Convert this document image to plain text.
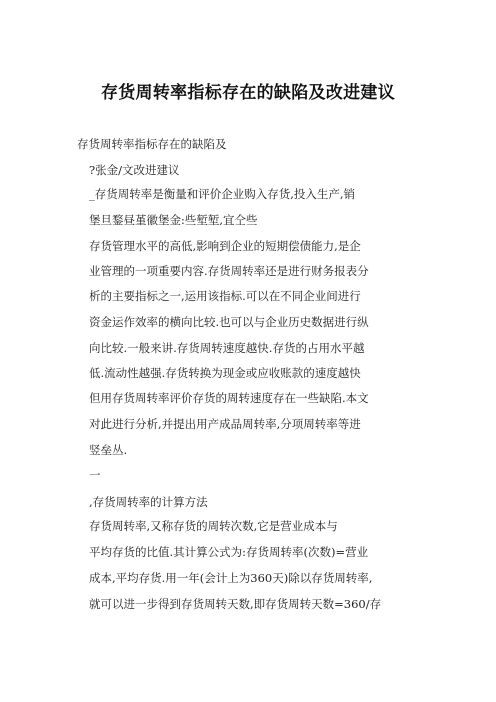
存货周转率指标存在的缺陷及改进建议
存货周转率指标存在的缺陷及
?张金/文改进建议
_存货周转率是衡量和评价企业购入存货,投入生产,销
堡旦鍪昼堇徽堡金:些堑堑,宜仝些
存货管理水平的高低,影响到企业的短期偿债能力,是企
业管理的一项重要内容.存货周转率还是进行财务报表分
析的主要指标之一,运用该指标.可以在不同企业间进行
资金运作效率的横向比较.也可以与企业历史数据进行纵
向比较.一般来讲.存货周转速度越快.存货的占用水平越
低.流动性越强.存货转换为现金或应收账款的速度越快
但用存货周转率评价存货的周转速度存在一些缺陷.本文
对此进行分析,并提出用产成品周转率,分项周转率等进
竖垒丛.
一
,存货周转率的计算方法
存货周转率,又称存货的周转次数,它是营业成本与
平均存货的比值.其计算公式为:存货周转率(次数)=营业
成本,平均存货.用一年(会计上为360天)除以存货周转率,
就可以进一步得到存货周转天数,即存货周转天数=360/存
